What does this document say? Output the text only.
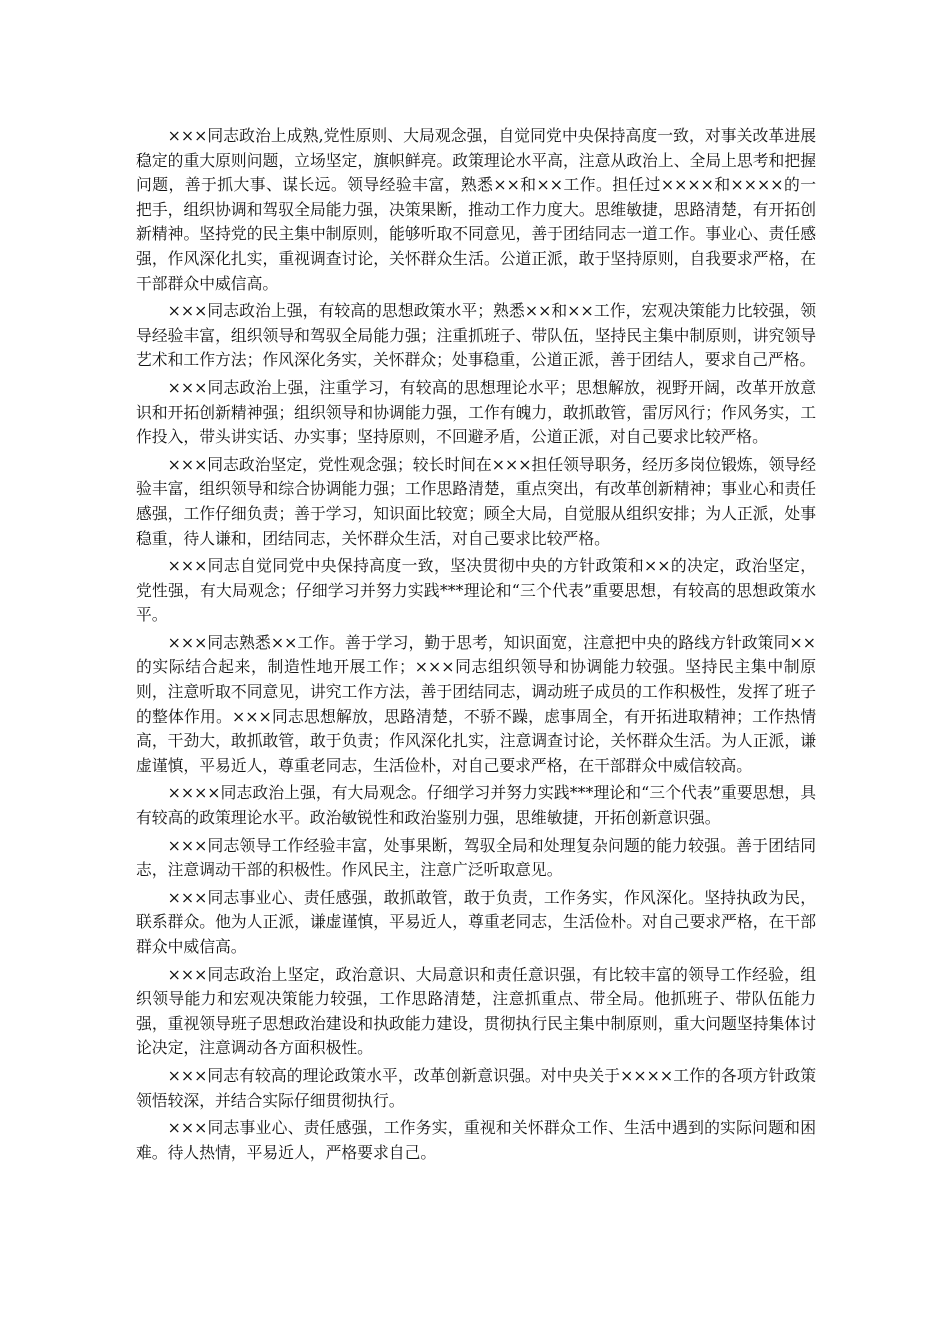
×××同志政治上成熟,党性原则、大局观念强，自觉同党中央保持高度一致，对事关改革进展稳定的重大原则问题，立场坚定，旗帜鲜亮。政策理论水平高，注意从政治上、全局上思考和把握问题，善于抓大事、谋长远。领导经验丰富，熟悉××和××工作。担任过××××和××××的一把手，组织协调和驾驭全局能力强，决策果断，推动工作力度大。思维敏捷，思路清楚，有开拓创新精神。坚持党的民主集中制原则，能够听取不同意见，善于团结同志一道工作。事业心、责任感强，作风深化扎实，重视调查讨论，关怀群众生活。公道正派，敢于坚持原则，自我要求严格，在干部群众中威信高。

×××同志政治上强，有较高的思想政策水平；熟悉××和××工作，宏观决策能力比较强，领导经验丰富，组织领导和驾驭全局能力强；注重抓班子、带队伍，坚持民主集中制原则，讲究领导艺术和工作方法；作风深化务实，关怀群众；处事稳重，公道正派，善于团结人，要求自己严格。

×××同志政治上强，注重学习，有较高的思想理论水平；思想解放，视野开阔，改革开放意识和开拓创新精神强；组织领导和协调能力强，工作有魄力，敢抓敢管，雷厉风行；作风务实，工作投入，带头讲实话、办实事；坚持原则，不回避矛盾，公道正派，对自己要求比较严格。

×××同志政治坚定，党性观念强；较长时间在×××担任领导职务，经历多岗位锻炼，领导经验丰富，组织领导和综合协调能力强；工作思路清楚，重点突出，有改革创新精神；事业心和责任感强，工作仔细负责；善于学习，知识面比较宽；顾全大局，自觉服从组织安排；为人正派，处事稳重，待人谦和，团结同志，关怀群众生活，对自己要求比较严格。

×××同志自觉同党中央保持高度一致，坚决贯彻中央的方针政策和××的决定，政治坚定，党性强，有大局观念；仔细学习并努力实践***理论和“三个代表”重要思想，有较高的思想政策水平。

×××同志熟悉××工作。善于学习，勤于思考，知识面宽，注意把中央的路线方针政策同××的实际结合起来，制造性地开展工作；×××同志组织领导和协调能力较强。坚持民主集中制原则，注意听取不同意见，讲究工作方法，善于团结同志，调动班子成员的工作积极性，发挥了班子的整体作用。×××同志思想解放，思路清楚，不骄不躁，虑事周全，有开拓进取精神；工作热情高，干劲大，敢抓敢管，敢于负责；作风深化扎实，注意调查讨论，关怀群众生活。为人正派，谦虚谨慎，平易近人，尊重老同志，生活俭朴，对自己要求严格，在干部群众中威信较高。

××××同志政治上强，有大局观念。仔细学习并努力实践***理论和“三个代表”重要思想，具有较高的政策理论水平。政治敏锐性和政治鉴别力强，思维敏捷，开拓创新意识强。

×××同志领导工作经验丰富，处事果断，驾驭全局和处理复杂问题的能力较强。善于团结同志，注意调动干部的积极性。作风民主，注意广泛听取意见。

×××同志事业心、责任感强，敢抓敢管，敢于负责，工作务实，作风深化。坚持执政为民，联系群众。他为人正派，谦虚谨慎，平易近人，尊重老同志，生活俭朴。对自己要求严格，在干部群众中威信高。

×××同志政治上坚定，政治意识、大局意识和责任意识强，有比较丰富的领导工作经验，组织领导能力和宏观决策能力较强，工作思路清楚，注意抓重点、带全局。他抓班子、带队伍能力强，重视领导班子思想政治建设和执政能力建设，贯彻执行民主集中制原则，重大问题坚持集体讨论决定，注意调动各方面积极性。

×××同志有较高的理论政策水平，改革创新意识强。对中央关于××××工作的各项方针政策领悟较深，并结合实际仔细贯彻执行。

×××同志事业心、责任感强，工作务实，重视和关怀群众工作、生活中遇到的实际问题和困难。待人热情，平易近人，严格要求自己。
